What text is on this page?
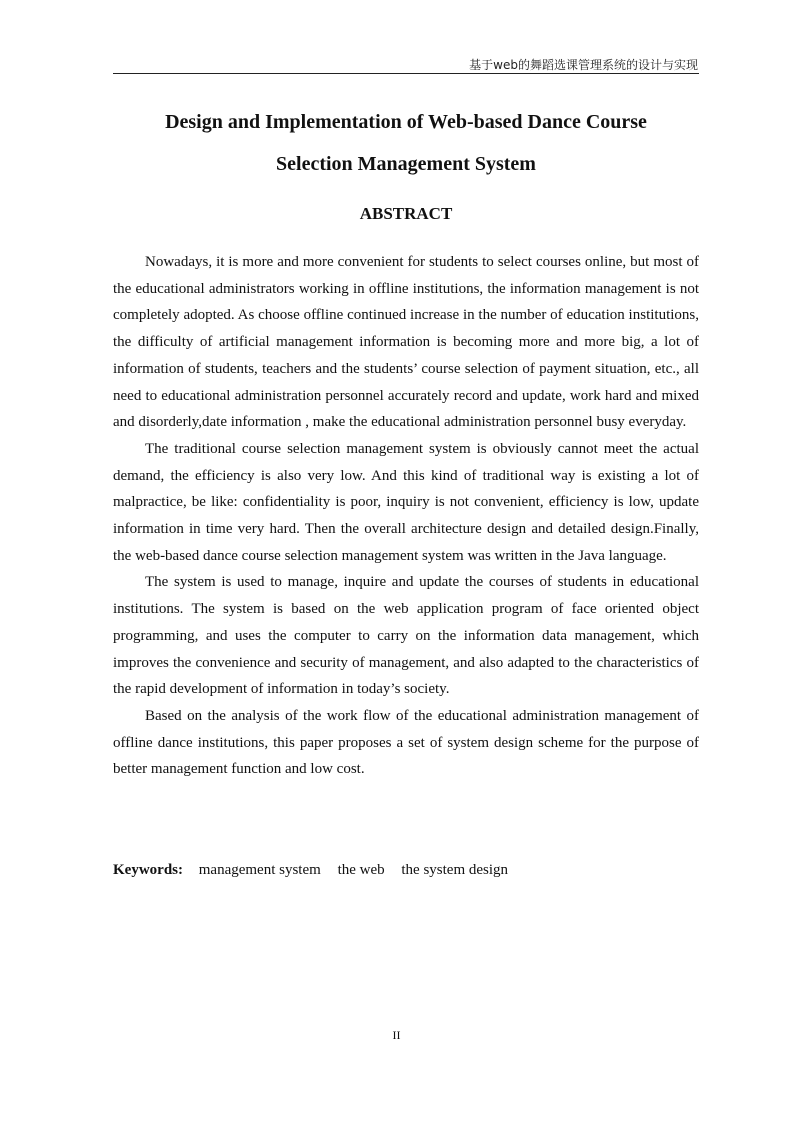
基于web的舞蹈选课管理系统的设计与实现
Design and Implementation of Web-based Dance Course
Selection Management System
ABSTRACT

Nowadays, it is more and more convenient for students to select courses online, but most of the educational administrators working in offline institutions, the information management is not completely adopted. As choose offline continued increase in the number of education institutions, the difficulty of artificial management information is becoming more and more big, a lot of information of students, teachers and the students’ course selection of payment situation, etc., all need to educational administration personnel accurately record and update, work hard and mixed and disorderly,date information , make the educational administration personnel busy everyday.

The traditional course selection management system is obviously cannot meet the actual demand, the efficiency is also very low. And this kind of traditional way is existing a lot of malpractice, be like: confidentiality is poor, inquiry is not convenient, efficiency is low, update information in time very hard. Then the overall architecture design and detailed design.Finally, the web-based dance course selection management system was written in the Java language.

The system is used to manage, inquire and update the courses of students in educational institutions. The system is based on the web application program of face oriented object programming, and uses the computer to carry on the information data management, which improves the convenience and security of management, and also adapted to the characteristics of the rapid development of information in today’s society.

Based on the analysis of the work flow of the educational administration management of offline dance institutions, this paper proposes a set of system design scheme for the purpose of better management function and low cost.

Keywords: management system the web the system design
II
